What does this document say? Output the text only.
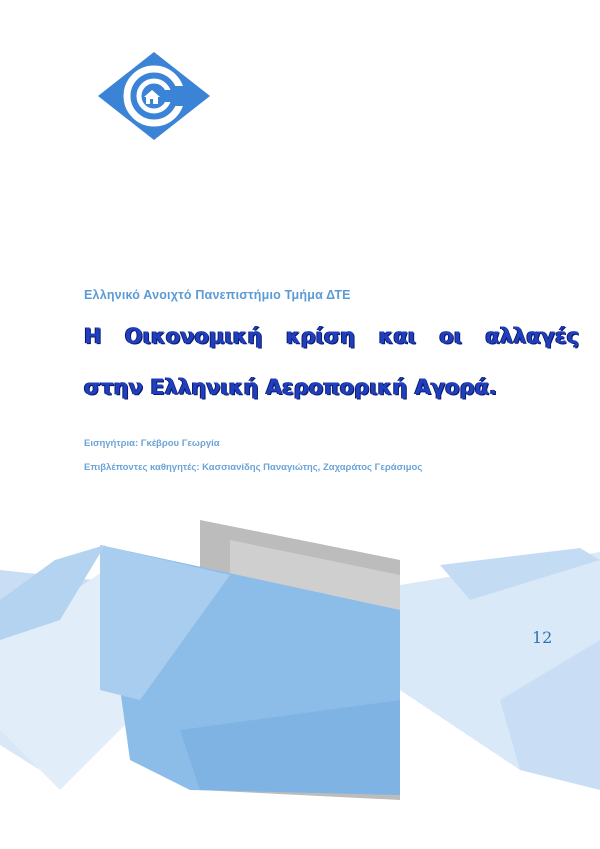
Ελληνικό Ανοιχτό Πανεπιστήμιο Τμήμα ΔΤΕ
Η Οικονομική κρίση και οι αλλαγές
στην Ελληνική Αεροπορική Αγορά.
Εισηγήτρια: Γκέβρου Γεωργία
Επιβλέποντες καθηγητές: Κασσιανίδης Παναγιώτης, Ζαχαράτος Γεράσιμος
12
